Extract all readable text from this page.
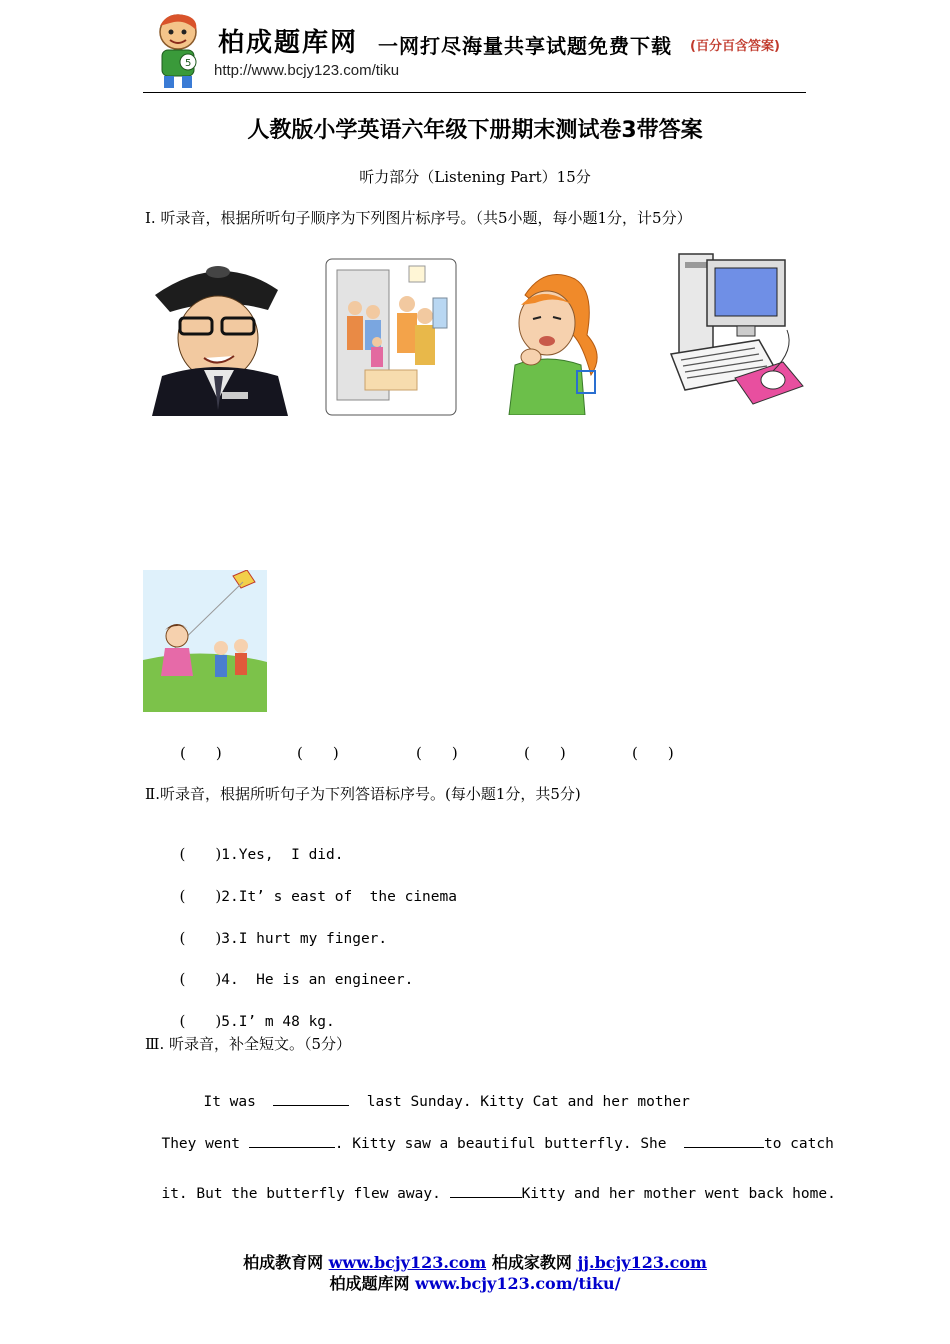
5
柏成题库网 一网打尽海量共享试题免费下载 (百分百含答案)
http://www.bcjy123.com/tiku
人教版小学英语六年级下册期末测试卷3带答案
听力部分（Listening Part）15分
Ⅰ. 听录音，根据所听句子顺序为下列图片标序号。（共5小题，每小题1分，计5分）
(　　)	(　　)	(　　)	(　　)	(　　)
Ⅱ.听录音，根据所听句子为下列答语标序号。(每小题1分，共5分)

(　　)1.Yes,  I did.

(　　)2.It’ s east of  the cinema

(　　)3.I hurt my finger.

(　　)4.  He is an engineer.

(　　)5.I’ m 48 kg.

Ⅲ. 听录音，补全短文。（5分）

It was	last Sunday. Kitty Cat and her mother

They went	. Kitty saw a beautiful butterfly. She	to catch

it. But the butterfly flew away.	Kitty and her mother went back home.

柏成教育网 www.bcjy123.com 柏成家教网 jj.bcjy123.com
柏成题库网 www.bcjy123.com/tiku/
